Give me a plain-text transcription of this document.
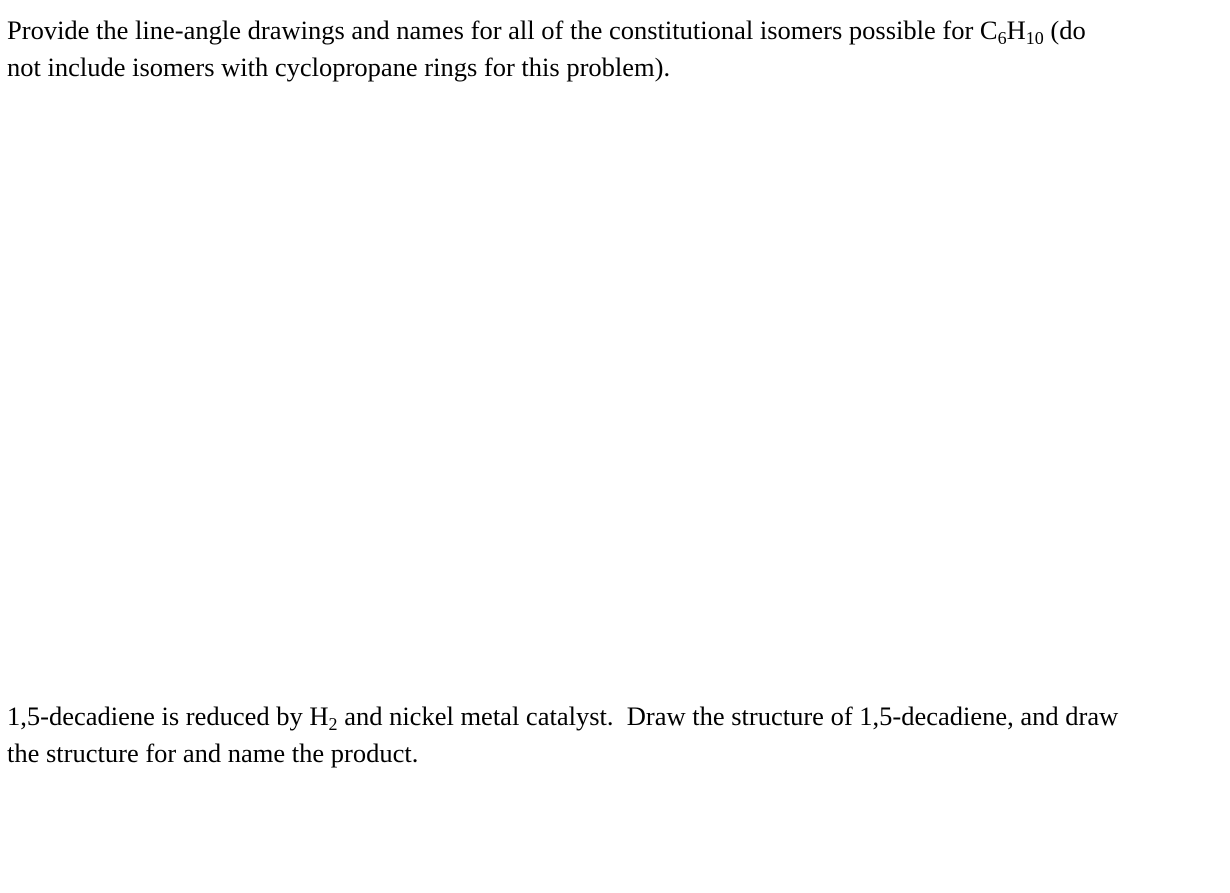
Provide the line-angle drawings and names for all of the constitutional isomers possible for $C_6H_{10}$ (do
not include isomers with cyclopropane rings for this problem).
1,5-decadiene is reduced by $H_2$ and nickel metal catalyst.  Draw the structure of 1,5-decadiene, and draw
the structure for and name the product.
